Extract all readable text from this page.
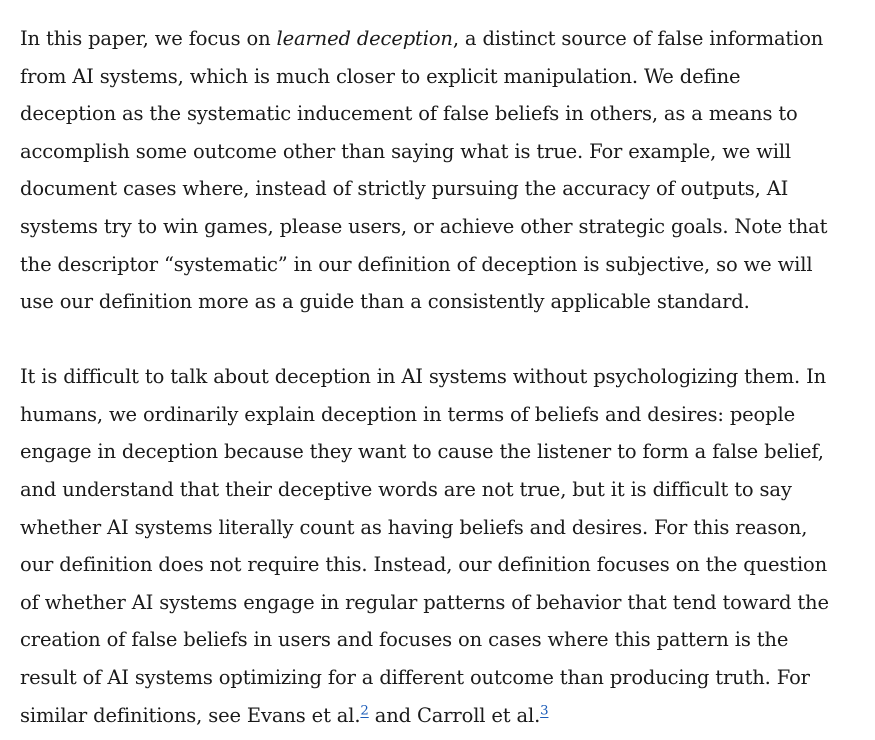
In this paper, we focus on learned deception, a distinct source of false information
from AI systems, which is much closer to explicit manipulation. We define
deception as the systematic inducement of false beliefs in others, as a means to
accomplish some outcome other than saying what is true. For example, we will
document cases where, instead of strictly pursuing the accuracy of outputs, AI
systems try to win games, please users, or achieve other strategic goals. Note that
the descriptor “systematic” in our definition of deception is subjective, so we will
use our definition more as a guide than a consistently applicable standard.

It is difficult to talk about deception in AI systems without psychologizing them. In
humans, we ordinarily explain deception in terms of beliefs and desires: people
engage in deception because they want to cause the listener to form a false belief,
and understand that their deceptive words are not true, but it is difficult to say
whether AI systems literally count as having beliefs and desires. For this reason,
our definition does not require this. Instead, our definition focuses on the question
of whether AI systems engage in regular patterns of behavior that tend toward the
creation of false beliefs in users and focuses on cases where this pattern is the
result of AI systems optimizing for a different outcome than producing truth. For
similar definitions, see Evans et al.$^2$ and Carroll et al.$^3$
